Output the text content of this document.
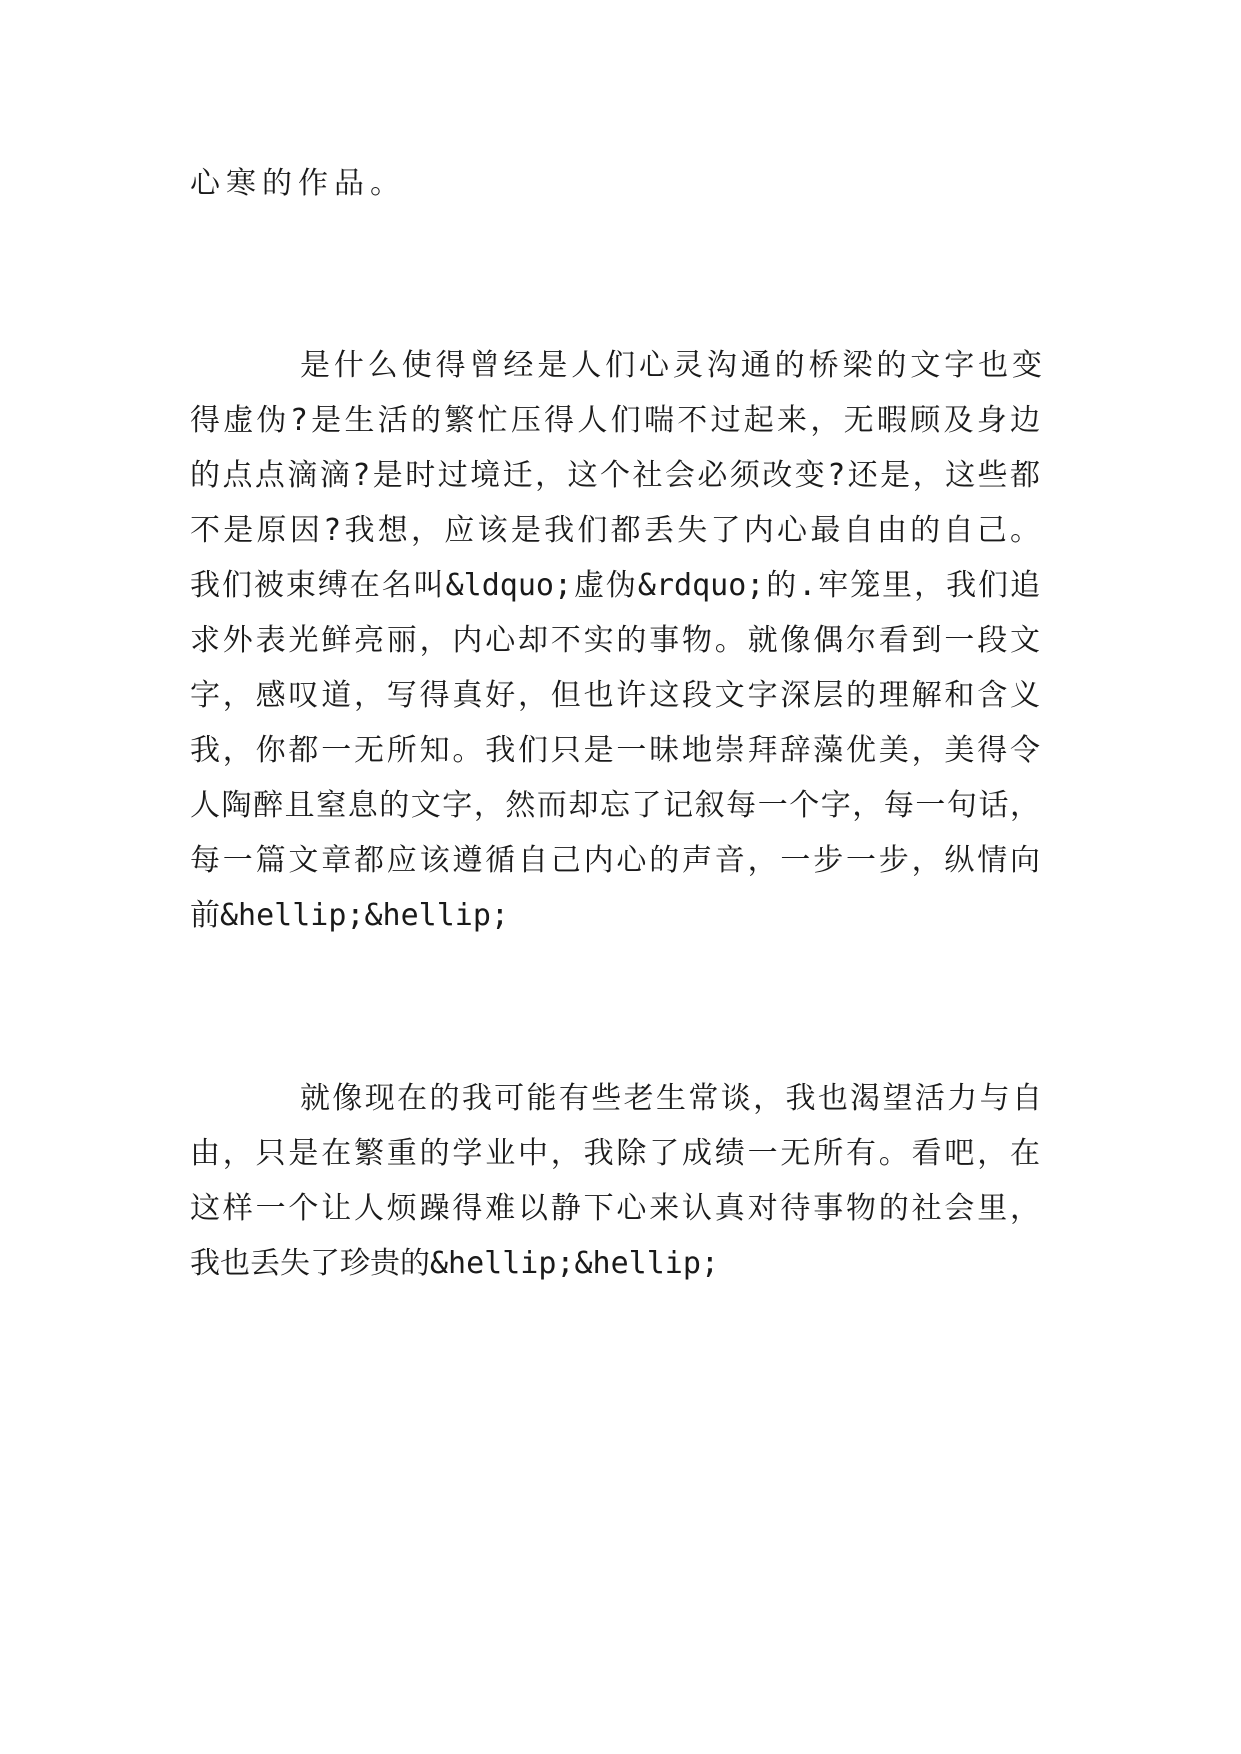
心寒的作品。
是什么使得曾经是人们心灵沟通的桥梁的文字也变
得虚伪?是生活的繁忙压得人们喘不过起来，无暇顾及身边
的点点滴滴?是时过境迁，这个社会必须改变?还是，这些都
不是原因?我想，应该是我们都丢失了内心最自由的自己。
我们被束缚在名叫&ldquo;虚伪&rdquo;的.牢笼里，我们追
求外表光鲜亮丽，内心却不实的事物。就像偶尔看到一段文
字，感叹道，写得真好，但也许这段文字深层的理解和含义
我，你都一无所知。我们只是一昧地崇拜辞藻优美，美得令
人陶醉且窒息的文字，然而却忘了记叙每一个字，每一句话，
每一篇文章都应该遵循自己内心的声音，一步一步，纵情向
前&hellip;&hellip;
就像现在的我可能有些老生常谈，我也渴望活力与自
由，只是在繁重的学业中，我除了成绩一无所有。看吧，在
这样一个让人烦躁得难以静下心来认真对待事物的社会里，
我也丢失了珍贵的&hellip;&hellip;
